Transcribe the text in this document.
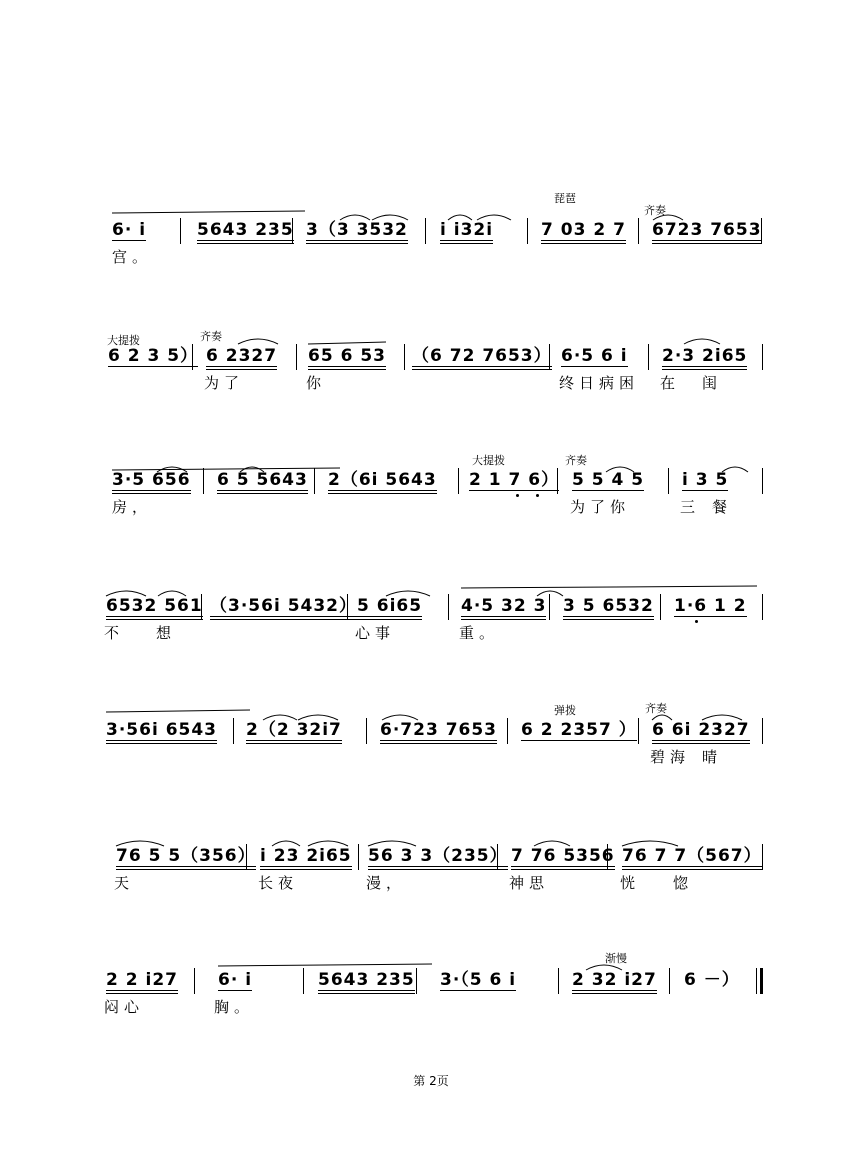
琵琶
齐奏
6· i	5643 235 3（3 3532 i i32i	7 03 2 7 6723 7653
宫。
大提拨	齐奏
6 2 3 5） 6 2327 65 6 53 （6 72 7653） 6·5 6 i 2·3 2i65
为了	你	终日病困 在 闺
大提拨	齐奏
3·5 656 6 5 5643 2（6i 5643 2 1 7 6） 5 5 4 5 i 3 5
房，	为了你	三 餐
6532 561 （3·56i 5432） 5 6i65 4·5 32 3 3 5 6532 1·6 1 2
不 想	心事	重。
弹拨	齐奏
3·56i 6543 2（2 32i7 6·723 7653 6 2 2357 ） 6 6i 2327
碧海 晴
76 5 5（356） i 23 2i65 56 3 3（235） 7 76 5356 76 7 7（567）
天	长夜	漫，	神思	恍 惚
渐慢
2 2 i27 6· i	5643 235 3·（5 6 i	2 32 i27 6 －）
闷心	胸。
第 2页
